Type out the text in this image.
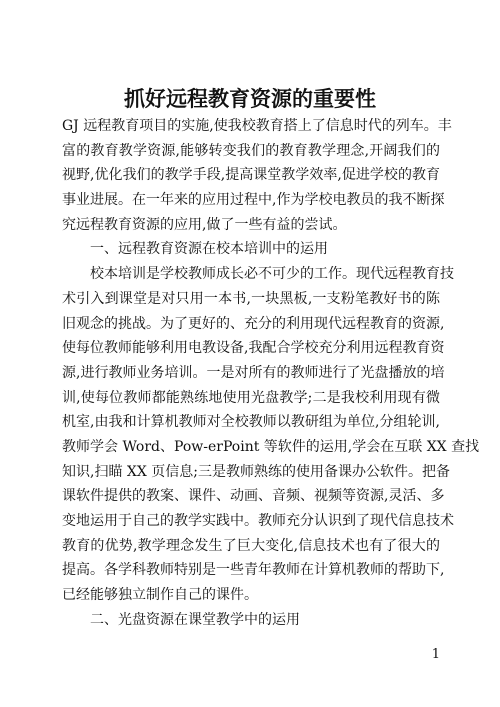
抓好远程教育资源的重要性
GJ 远程教育项目的实施,使我校教育搭上了信息时代的列车。丰
富的教育教学资源,能够转变我们的教育教学理念,开阔我们的
视野,优化我们的教学手段,提高课堂教学效率,促进学校的教育
事业进展。在一年来的应用过程中,作为学校电教员的我不断探
究远程教育资源的应用,做了一些有益的尝试。
一、远程教育资源在校本培训中的运用
校本培训是学校教师成长必不可少的工作。现代远程教育技
术引入到课堂是对只用一本书,一块黑板,一支粉笔教好书的陈
旧观念的挑战。为了更好的、充分的利用现代远程教育的资源,
使每位教师能够利用电教设备,我配合学校充分利用远程教育资
源,进行教师业务培训。一是对所有的教师进行了光盘播放的培
训,使每位教师都能熟练地使用光盘教学;二是我校利用现有微
机室,由我和计算机教师对全校教师以教研组为单位,分组轮训,
教师学会 Word、Pow-erPoint 等软件的运用,学会在互联 XX 查找
知识,扫瞄 XX 页信息;三是教师熟练的使用备课办公软件。把备
课软件提供的教案、课件、动画、音频、视频等资源,灵活、多
变地运用于自己的教学实践中。教师充分认识到了现代信息技术
教育的优势,教学理念发生了巨大变化,信息技术也有了很大的
提高。各学科教师特别是一些青年教师在计算机教师的帮助下,
已经能够独立制作自己的课件。
二、光盘资源在课堂教学中的运用
1
